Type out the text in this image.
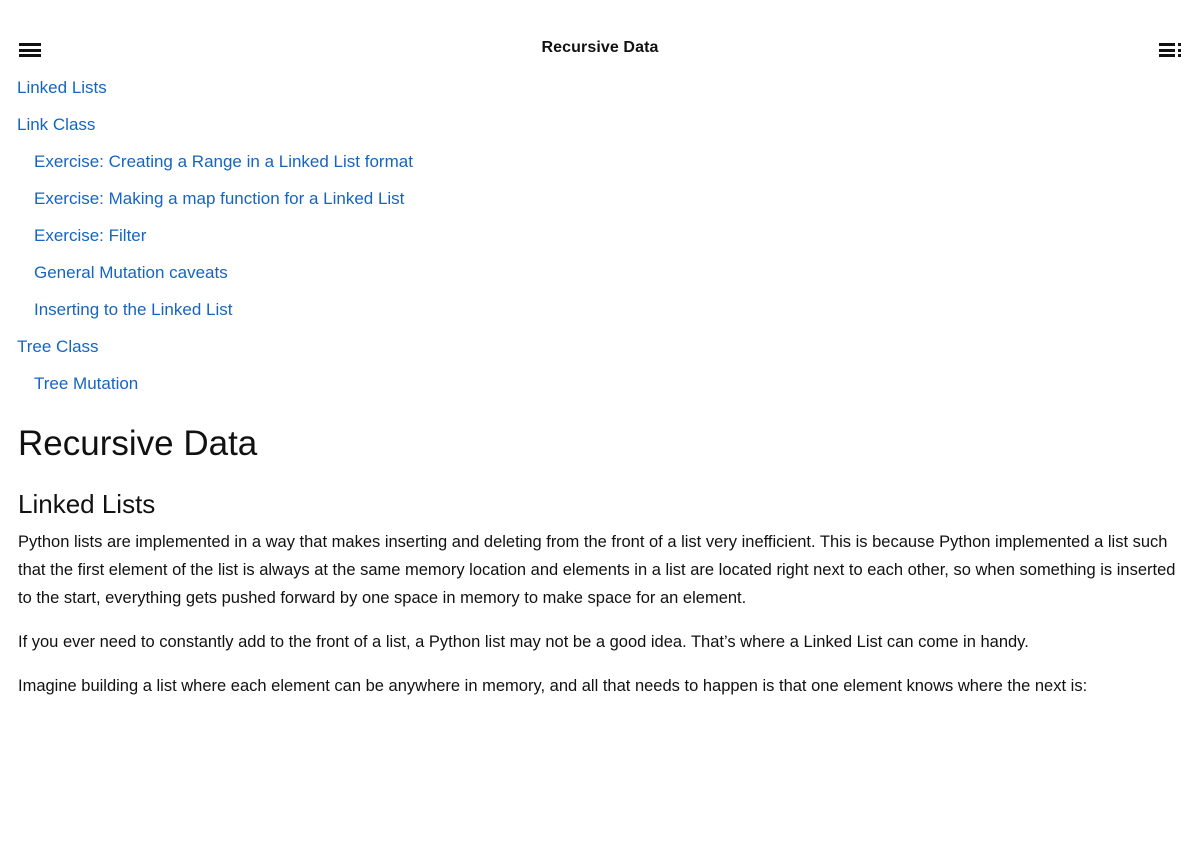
Recursive Data
Linked Lists
Link Class
Exercise: Creating a Range in a Linked List format
Exercise: Making a map function for a Linked List
Exercise: Filter
General Mutation caveats
Inserting to the Linked List
Tree Class
Tree Mutation
Recursive Data
Linked Lists

Python lists are implemented in a way that makes inserting and deleting from the front of a list very inefficient. This is because Python implemented a list such that the first element of the list is always at the same memory location and elements in a list are located right next to each other, so when something is inserted to the start, everything gets pushed forward by one space in memory to make space for an element.

If you ever need to constantly add to the front of a list, a Python list may not be a good idea. That’s where a Linked List can come in handy.

Imagine building a list where each element can be anywhere in memory, and all that needs to happen is that one element knows where the next is:
